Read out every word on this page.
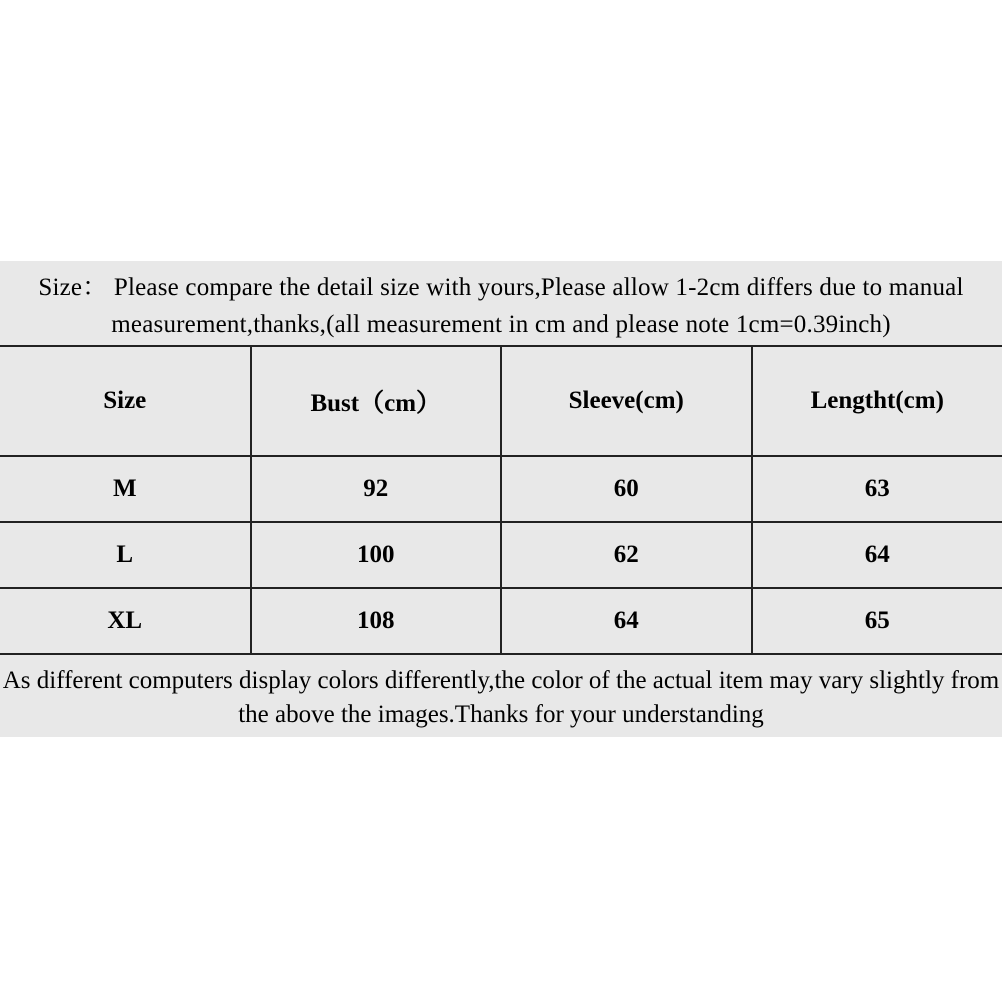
Size： Please compare the detail size with yours,Please allow 1-2cm differs due to manual
measurement,thanks,(all measurement in cm and please note 1cm=0.39inch)
Size	Bust（cm）	Sleeve(cm)	Lengtht(cm)
M	92	60	63
L	100	62	64
XL	108	64	65
As different computers display colors differently,the color of the actual item may vary slightly from
the above the images.Thanks for your understanding
